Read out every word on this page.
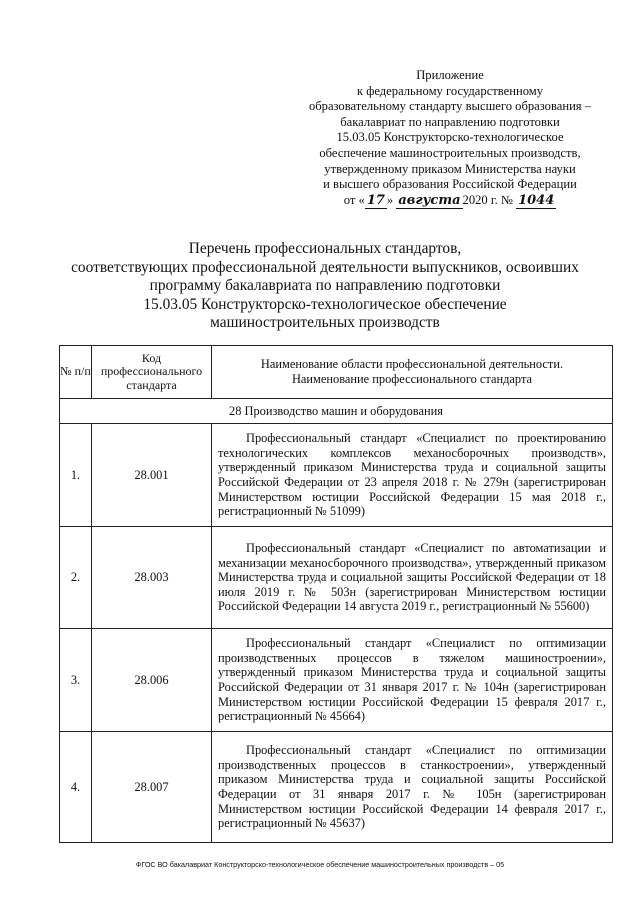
Приложение
к федеральному государственному
образовательному стандарту высшего образования –
бакалавриат по направлению подготовки
15.03.05 Конструкторско-технологическое
обеспечение машиностроительных производств,
утвержденному приказом Министерства науки
и высшего образования Российской Федерации
от « 17 » августа 2020 г. № 1044
Перечень профессиональных стандартов,
соответствующих профессиональной деятельности выпускников, освоивших
программу бакалавриата по направлению подготовки
15.03.05 Конструкторско-технологическое обеспечение
машиностроительных производств
№ п/п	Код профессионального стандарта	Наименование области профессиональной деятельности.
Наименование профессионального стандарта

28 Производство машин и оборудования		
1.	28.001	Профессиональный стандарт «Специалист по проектированию технологических комплексов механосборочных производств», утвержденный приказом Министерства труда и социальной защиты Российской Федерации от 23 апреля 2018 г. № 279н (зарегистрирован Министерством юстиции Российской Федерации 15 мая 2018 г., регистрационный № 51099)

2.	28.003	Профессиональный стандарт «Специалист по автоматизации и механизации механосборочного производства», утвержденный приказом Министерства труда и социальной защиты Российской Федерации от 18 июля 2019 г. № 503н (зарегистрирован Министерством юстиции Российской Федерации 14 августа 2019 г., регистрационный № 55600)

3.	28.006	Профессиональный стандарт «Специалист по оптимизации производственных процессов в тяжелом машиностроении», утвержденный приказом Министерства труда и социальной защиты Российской Федерации от 31 января 2017 г. № 104н (зарегистрирован Министерством юстиции Российской Федерации 15 февраля 2017 г., регистрационный № 45664)

4.	28.007	Профессиональный стандарт «Специалист по оптимизации производственных процессов в станкостроении», утвержденный приказом Министерства труда и социальной защиты Российской Федерации от 31 января 2017 г. № 105н (зарегистрирован Министерством юстиции Российской Федерации 14 февраля 2017 г., регистрационный № 45637)
ФГОС ВО бакалавриат Конструкторско-технологическое обеспечение машиностроительных производств – 05
